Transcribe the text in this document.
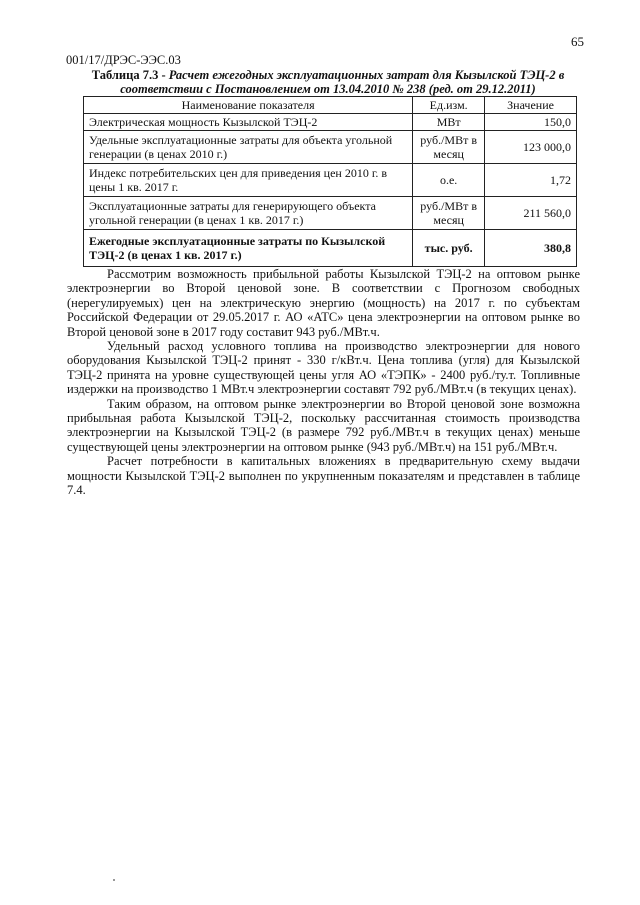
65
001/17/ДРЭС-ЭЭС.03
Таблица 7.3 - Расчет ежегодных эксплуатационных затрат для Кызылской ТЭЦ-2 в соответствии с Постановлением от 13.04.2010 № 238 (ред. от 29.12.2011)
Наименование показателя	Ед.изм.	Значение
Электрическая мощность Кызылской ТЭЦ-2	МВт	150,0
Удельные эксплуатационные затраты для объекта угольной генерации (в ценах 2010 г.)	руб./МВт в месяц	123 000,0
Индекс потребительских цен для приведения цен 2010 г. в цены 1 кв. 2017 г.	о.е.	1,72
Эксплуатационные затраты для генерирующего объекта угольной генерации (в ценах 1 кв. 2017 г.)	руб./МВт в месяц	211 560,0
Ежегодные эксплуатационные затраты по Кызылской ТЭЦ-2 (в ценах 1 кв. 2017 г.)	тыс. руб.	380,8

Рассмотрим возможность прибыльной работы Кызылской ТЭЦ-2 на оптовом рынке электроэнергии во Второй ценовой зоне. В соответствии с Прогнозом свободных (нерегулируемых) цен на электрическую энергию (мощность) на 2017 г. по субъектам Российской Федерации от 29.05.2017 г. АО «АТС» цена электроэнергии на оптовом рынке во Второй ценовой зоне в 2017 году составит 943 руб./МВт.ч.

Удельный расход условного топлива на производство электроэнергии для нового оборудования Кызылской ТЭЦ-2 принят - 330 г/кВт.ч. Цена топлива (угля) для Кызылской ТЭЦ-2 принята на уровне существующей цены угля АО «ТЭПК» - 2400 руб./ту.т. Топливные издержки на производство 1 МВт.ч электроэнергии составят 792 руб./МВт.ч (в текущих ценах).

Таким образом, на оптовом рынке электроэнергии во Второй ценовой зоне возможна прибыльная работа Кызылской ТЭЦ-2, поскольку рассчитанная стоимость производства электроэнергии на Кызылской ТЭЦ-2 (в размере 792 руб./МВт.ч в текущих ценах) меньше существующей цены электроэнергии на оптовом рынке (943 руб./МВт.ч) на 151 руб./МВт.ч.

Расчет потребности в капитальных вложениях в предварительную схему выдачи мощности Кызылской ТЭЦ-2 выполнен по укрупненным показателям и представлен в таблице 7.4.
